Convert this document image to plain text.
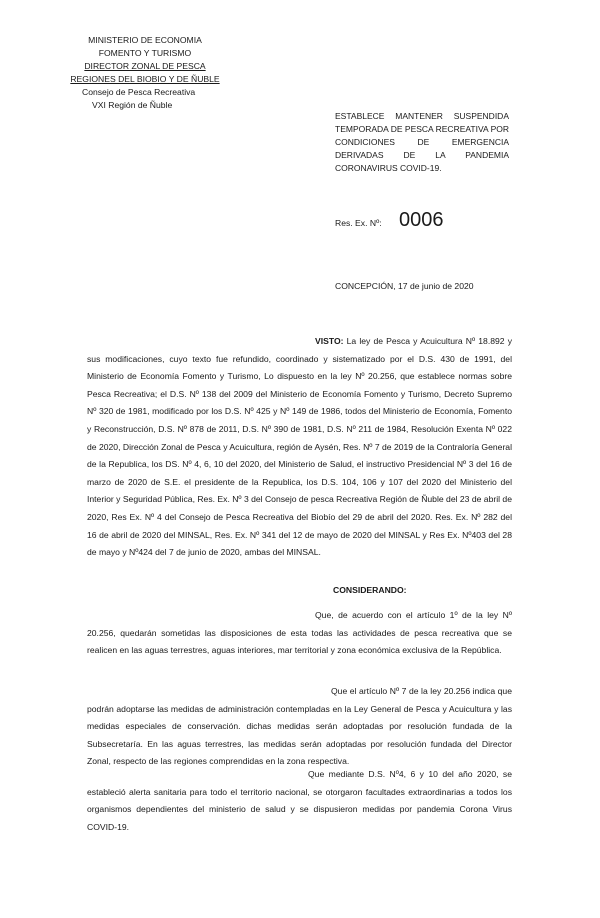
MINISTERIO DE ECONOMIA
FOMENTO Y TURISMO
DIRECTOR ZONAL DE PESCA
REGIONES DEL BIOBIO Y DE ÑUBLE
Consejo de Pesca Recreativa
VXI Región de Ñuble
ESTABLECE MANTENER SUSPENDIDA TEMPORADA DE PESCA RECREATIVA POR CONDICIONES DE EMERGENCIA DERIVADAS DE LA PANDEMIA CORONAVIRUS COVID-19.
Res. Ex. Nº: 0006
CONCEPCIÓN, 17 de junio de 2020
VISTO: La ley de Pesca y Acuicultura Nº 18.892 y sus modificaciones, cuyo texto fue refundido, coordinado y sistematizado por el D.S. 430 de 1991, del Ministerio de Economía Fomento y Turismo, Lo dispuesto en la ley Nº 20.256, que establece normas sobre Pesca Recreativa; el D.S. Nº 138 del 2009 del Ministerio de Economía Fomento y Turismo, Decreto Supremo Nº 320 de 1981, modificado por los D.S. Nº 425 y Nº 149 de 1986, todos del Ministerio de Economía, Fomento y Reconstrucción, D.S. Nº 878 de 2011, D.S. Nº 390 de 1981, D.S. Nº 211 de 1984, Resolución Exenta Nº 022 de 2020, Dirección Zonal de Pesca y Acuicultura, región de Aysén, Res. Nº 7 de 2019 de la Contraloría General de la Republica, los DS. Nº 4, 6, 10 del 2020, del Ministerio de Salud, el instructivo Presidencial Nº 3 del 16 de marzo de 2020 de S.E. el presidente de la Republica, los D.S. 104, 106 y 107 del 2020 del Ministerio del Interior y Seguridad Pública, Res. Ex. Nº 3 del Consejo de pesca Recreativa Región de Ñuble del 23 de abril de 2020, Res Ex. Nº 4 del Consejo de Pesca Recreativa del Biobío del 29 de abril del 2020. Res. Ex. Nº 282 del 16 de abril de 2020 del MINSAL, Res. Ex. Nº 341 del 12 de mayo de 2020 del MINSAL y Res Ex. Nº403 del 28 de mayo y Nº424 del 7 de junio de 2020, ambas del MINSAL.
CONSIDERANDO:
Que, de acuerdo con el artículo 1º de la ley Nº 20.256, quedarán sometidas las disposiciones de esta todas las actividades de pesca recreativa que se realicen en las aguas terrestres, aguas interiores, mar territorial y zona económica exclusiva de la República.
Que el artículo Nº 7 de la ley 20.256 indica que podrán adoptarse las medidas de administración contempladas en la Ley General de Pesca y Acuicultura y las medidas especiales de conservación. dichas medidas serán adoptadas por resolución fundada de la Subsecretaría. En las aguas terrestres, las medidas serán adoptadas por resolución fundada del Director Zonal, respecto de las regiones comprendidas en la zona respectiva.
Que mediante D.S. Nº4, 6 y 10 del año 2020, se estableció alerta sanitaria para todo el territorio nacional, se otorgaron facultades extraordinarias a todos los organismos dependientes del ministerio de salud y se dispusieron medidas por pandemia Corona Virus COVID-19.
